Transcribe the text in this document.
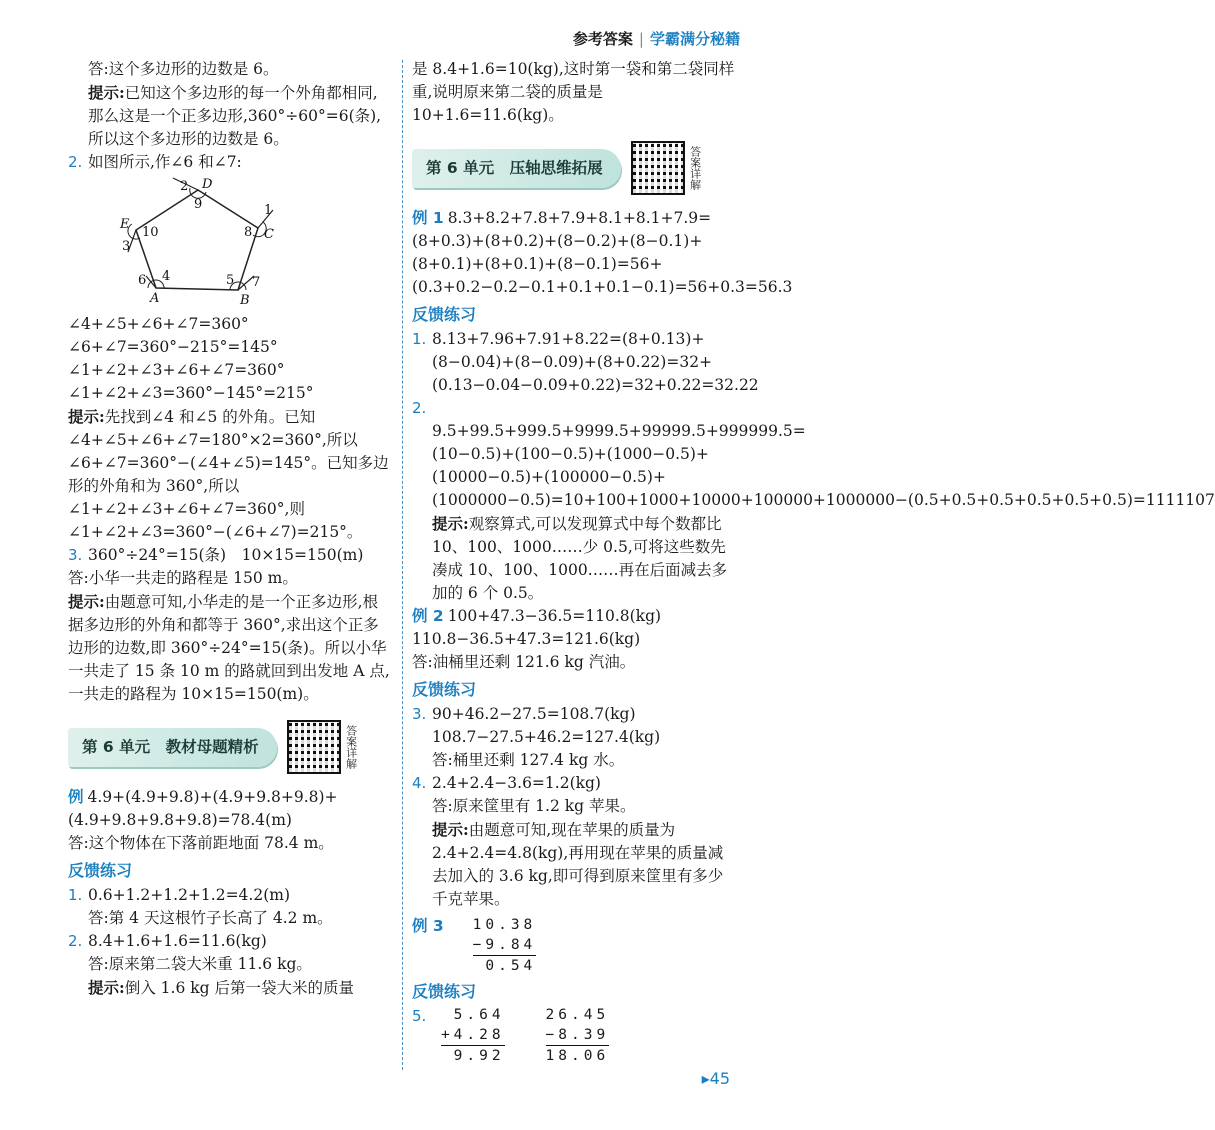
参考答案 | 学霸满分秘籍

答:这个多边形的边数是 6。

提示:已知这个多边形的每一个外角都相同,那么这是一个正多边形,360°÷60°=6(条),所以这个多边形的边数是 6。

2. 如图所示,作∠6 和∠7:

D
C
E
A	B
1
2
3
4	5
6	7
8
9
10

∠4+∠5+∠6+∠7=360°

∠6+∠7=360°−215°=145°

∠1+∠2+∠3+∠6+∠7=360°

∠1+∠2+∠3=360°−145°=215°

提示:先找到∠4 和∠5 的外角。已知∠4+∠5+∠6+∠7=180°×2=360°,所以∠6+∠7=360°−(∠4+∠5)=145°。已知多边形的外角和为 360°,所以∠1+∠2+∠3+∠6+∠7=360°,则∠1+∠2+∠3=360°−(∠6+∠7)=215°。

3. 360°÷24°=15(条)　10×15=150(m)

答:小华一共走的路程是 150 m。

提示:由题意可知,小华走的是一个正多边形,根据多边形的外角和都等于 360°,求出这个正多边形的边数,即 360°÷24°=15(条)。所以小华一共走了 15 条 10 m 的路就回到出发地 A 点,一共走的路程为 10×15=150(m)。

第 6 单元　教材母题精析	答案详解

例 4.9+(4.9+9.8)+(4.9+9.8+9.8)+(4.9+9.8+9.8+9.8)=78.4(m)

答:这个物体在下落前距地面 78.4 m。

反馈练习

1. 0.6+1.2+1.2+1.2=4.2(m)

答:第 4 天这根竹子长高了 4.2 m。

2. 8.4+1.6+1.6=11.6(kg)

答:原来第二袋大米重 11.6 kg。

提示:倒入 1.6 kg 后第一袋大米的质量

是 8.4+1.6=10(kg),这时第一袋和第二袋同样重,说明原来第二袋的质量是 10+1.6=11.6(kg)。

第 6 单元　压轴思维拓展	答案详解

例 1 8.3+8.2+7.8+7.9+8.1+8.1+7.9=(8+0.3)+(8+0.2)+(8−0.2)+(8−0.1)+(8+0.1)+(8+0.1)+(8−0.1)=56+(0.3+0.2−0.2−0.1+0.1+0.1−0.1)=56+0.3=56.3

反馈练习

1. 8.13+7.96+7.91+8.22=(8+0.13)+(8−0.04)+(8−0.09)+(8+0.22)=32+(0.13−0.04−0.09+0.22)=32+0.22=32.22

2.9.5+99.5+999.5+9999.5+99999.5+999999.5=(10−0.5)+(100−0.5)+(1000−0.5)+(10000−0.5)+(100000−0.5)+(1000000−0.5)=10+100+1000+10000+100000+1000000−(0.5+0.5+0.5+0.5+0.5+0.5)=1111107

提示:观察算式,可以发现算式中每个数都比 10、100、1000……少 0.5,可将这些数先凑成 10、100、1000……再在后面减去多加的 6 个 0.5。

例 2 100+47.3−36.5=110.8(kg)

110.8−36.5+47.3=121.6(kg)

答:油桶里还剩 121.6 kg 汽油。

反馈练习

3. 90+46.2−27.5=108.7(kg)

108.7−27.5+46.2=127.4(kg)

答:桶里还剩 127.4 kg 水。

4. 2.4+2.4−3.6=1.2(kg)

答:原来筐里有 1.2 kg 苹果。

提示:由题意可知,现在苹果的质量为 2.4+2.4=4.8(kg),再用现在苹果的质量减去加入的 3.6 kg,即可得到原来筐里有多少千克苹果。

例 3 10.38
− 9.84
0.54

反馈练习

5.	5.64
+ 4.28
9.92

26.45
− 8.39
18.06
▸45
